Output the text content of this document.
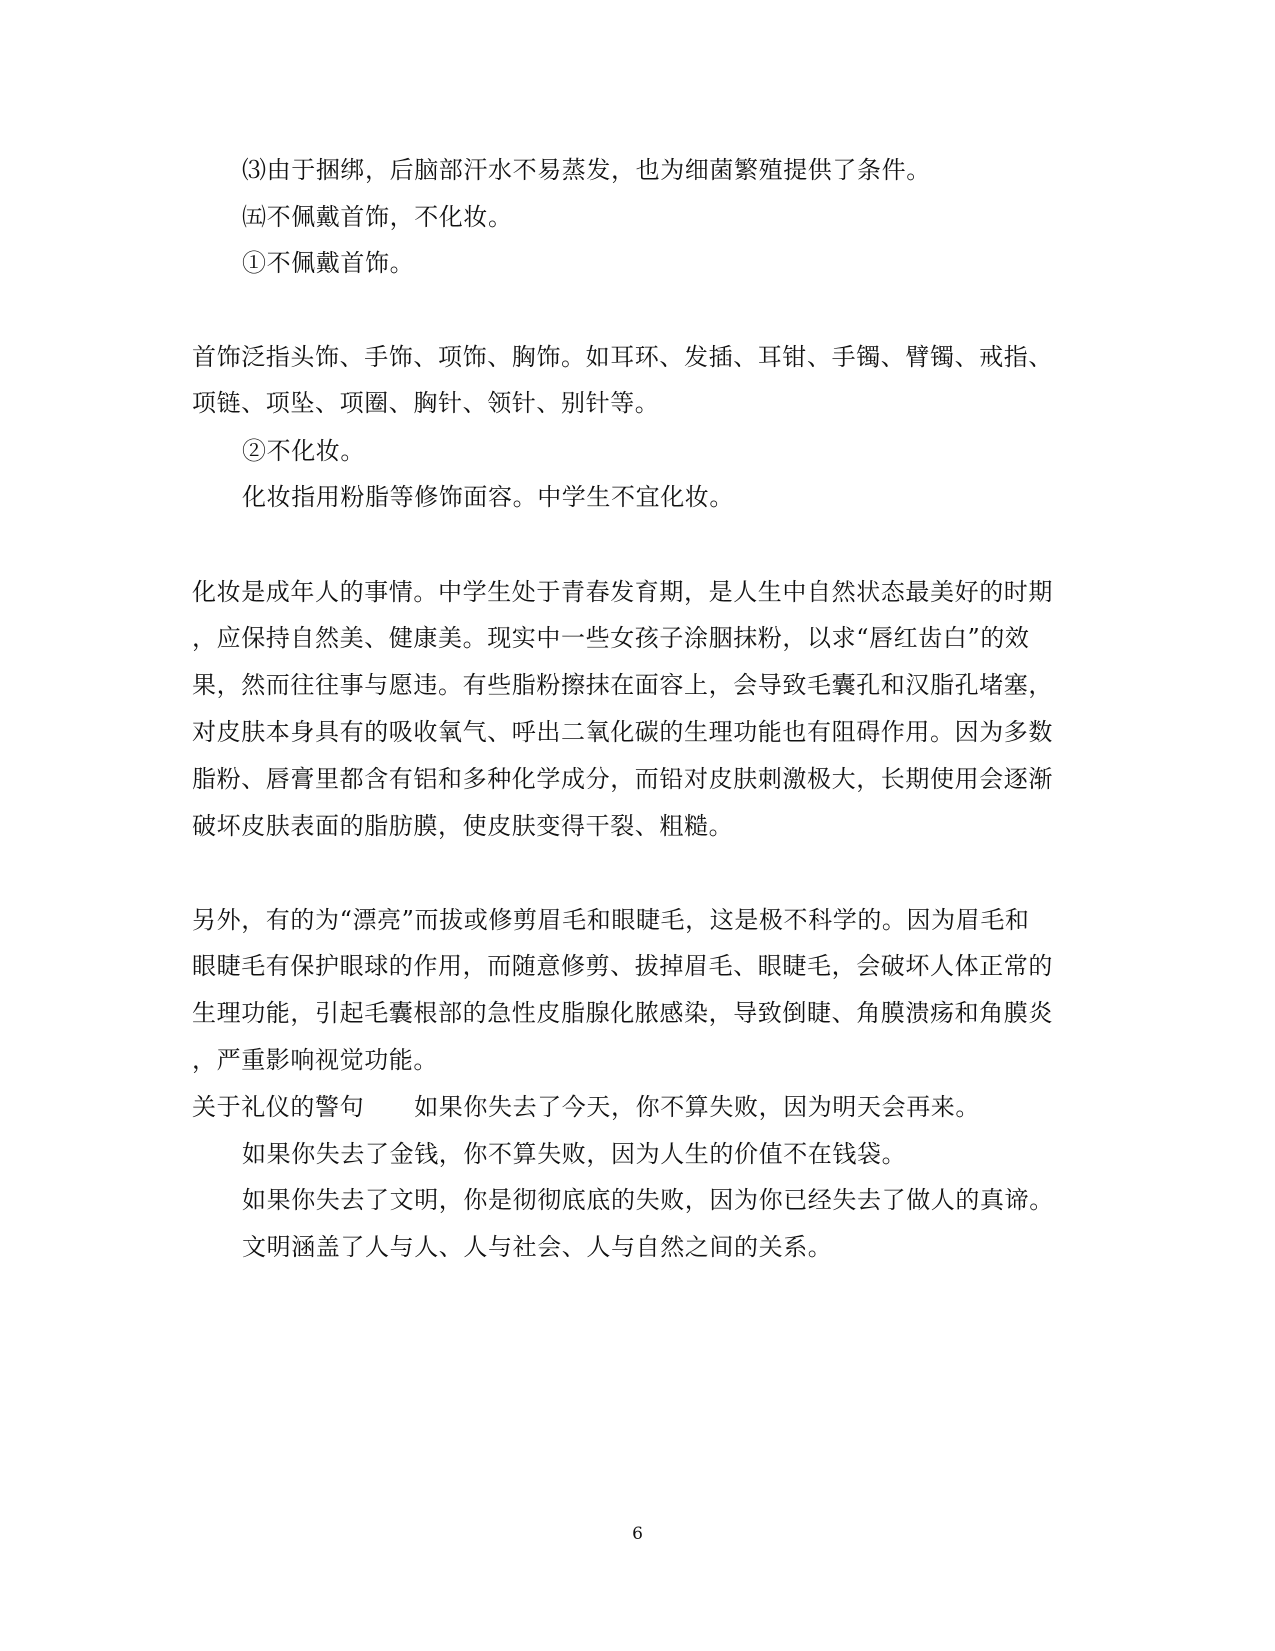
⑶由于捆绑，后脑部汗水不易蒸发，也为细菌繁殖提供了条件。
㈤不佩戴首饰，不化妆。
①不佩戴首饰。
首饰泛指头饰、手饰、项饰、胸饰。如耳环、发插、耳钳、手镯、臂镯、戒指、
项链、项坠、项圈、胸针、领针、别针等。
②不化妆。
化妆指用粉脂等修饰面容。中学生不宜化妆。
化妆是成年人的事情。中学生处于青春发育期，是人生中自然状态最美好的时期
，应保持自然美、健康美。现实中一些女孩子涂胭抹粉，以求“唇红齿白”的效
果，然而往往事与愿违。有些脂粉擦抹在面容上，会导致毛囊孔和汉脂孔堵塞，
对皮肤本身具有的吸收氧气、呼出二氧化碳的生理功能也有阻碍作用。因为多数
脂粉、唇膏里都含有铝和多种化学成分，而铅对皮肤刺激极大，长期使用会逐渐
破坏皮肤表面的脂肪膜，使皮肤变得干裂、粗糙。
另外，有的为“漂亮”而拔或修剪眉毛和眼睫毛，这是极不科学的。因为眉毛和
眼睫毛有保护眼球的作用，而随意修剪、拔掉眉毛、眼睫毛，会破坏人体正常的
生理功能，引起毛囊根部的急性皮脂腺化脓感染，导致倒睫、角膜溃疡和角膜炎
，严重影响视觉功能。
关于礼仪的警句 如果你失去了今天，你不算失败，因为明天会再来。
如果你失去了金钱，你不算失败，因为人生的价值不在钱袋。
如果你失去了文明，你是彻彻底底的失败，因为你已经失去了做人的真谛。
文明涵盖了人与人、人与社会、人与自然之间的关系。
6
